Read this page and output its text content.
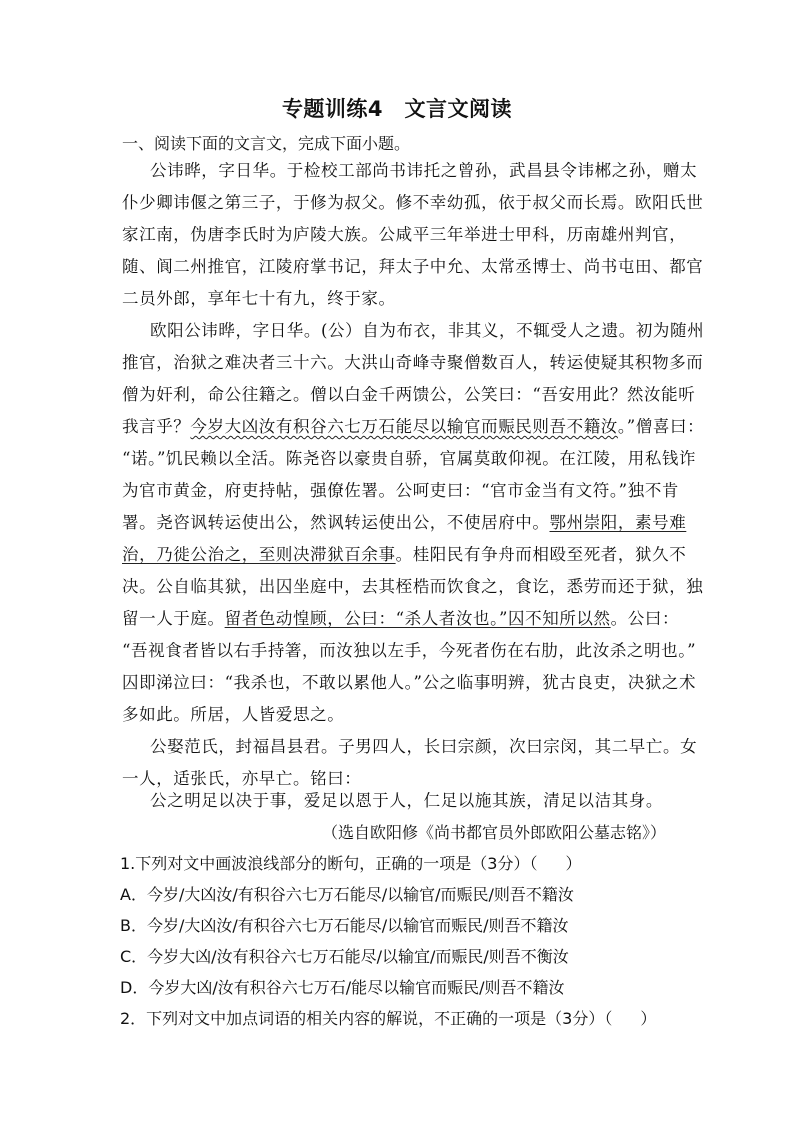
专题训练4　文言文阅读
一、阅读下面的文言文，完成下面小题。
公讳晔，字日华。于检校工部尚书讳托之曾孙，武昌县令讳郴之孙，赠太
仆少卿讳偃之第三子，于修为叔父。修不幸幼孤，依于叔父而长焉。欧阳氏世
家江南，伪唐李氏时为庐陵大族。公咸平三年举进士甲科，历南雄州判官，
随、阆二州推官，江陵府掌书记，拜太子中允、太常丞博士、尚书屯田、都官
二员外郎，享年七十有九，终于家。
欧阳公讳晔，字日华。(公）自为布衣，非其义，不辄受人之遗。初为随州
推官，治狱之难决者三十六。大洪山奇峰寺聚僧数百人，转运使疑其积物多而
僧为奸利，命公往籍之。僧以白金千两馈公，公笑曰：“吾安用此？然汝能听
我言乎？今岁大凶汝有积谷六七万石能尽以输官而赈民则吾不籍汝。”僧喜曰：
“诺。”饥民赖以全活。陈尧咨以豪贵自骄，官属莫敢仰视。在江陵，用私钱诈
为官市黄金，府吏持帖，强僚佐署。公呵吏曰：“官市金当有文符。”独不肯
署。尧咨讽转运使出公，然讽转运使出公，不使居府中。鄂州崇阳，素号难
治，乃徙公治之，至则决滞狱百余事。桂阳民有争舟而相殴至死者，狱久不
决。公自临其狱，出囚坐庭中，去其桎梏而饮食之，食讫，悉劳而还于狱，独
留一人于庭。留者色动惶顾，公曰：“杀人者汝也。”囚不知所以然。公曰：
“吾视食者皆以右手持箸，而汝独以左手，今死者伤在右肋，此汝杀之明也。”
囚即涕泣曰：“我杀也，不敢以累他人。”公之临事明辨，犹古良吏，决狱之术
多如此。所居，人皆爱思之。
公娶范氏，封福昌县君。子男四人，长曰宗颜，次曰宗闵，其二早亡。女
一人，适张氏，亦早亡。铭曰：
公之明足以决于事，爱足以恩于人，仁足以施其族，清足以洁其身。
（选自欧阳修《尚书都官员外郎欧阳公墓志铭》）
1.下列对文中画波浪线部分的断句，正确的一项是（3分）（ ）
A．今岁/大凶汝/有积谷六七万石能尽/以输官/而赈民/则吾不籍汝
B．今岁/大凶汝/有积谷六七万石能尽/以输官而赈民/则吾不籍汝
C．今岁大凶/汝有积谷六七万石能尽/以输宜/而赈民/则吾不衡汝
D．今岁大凶/汝有积谷六七万石/能尽以输官而赈民/则吾不籍汝
2．下列对文中加点词语的相关内容的解说，不正确的一项是（3分）（ ）
